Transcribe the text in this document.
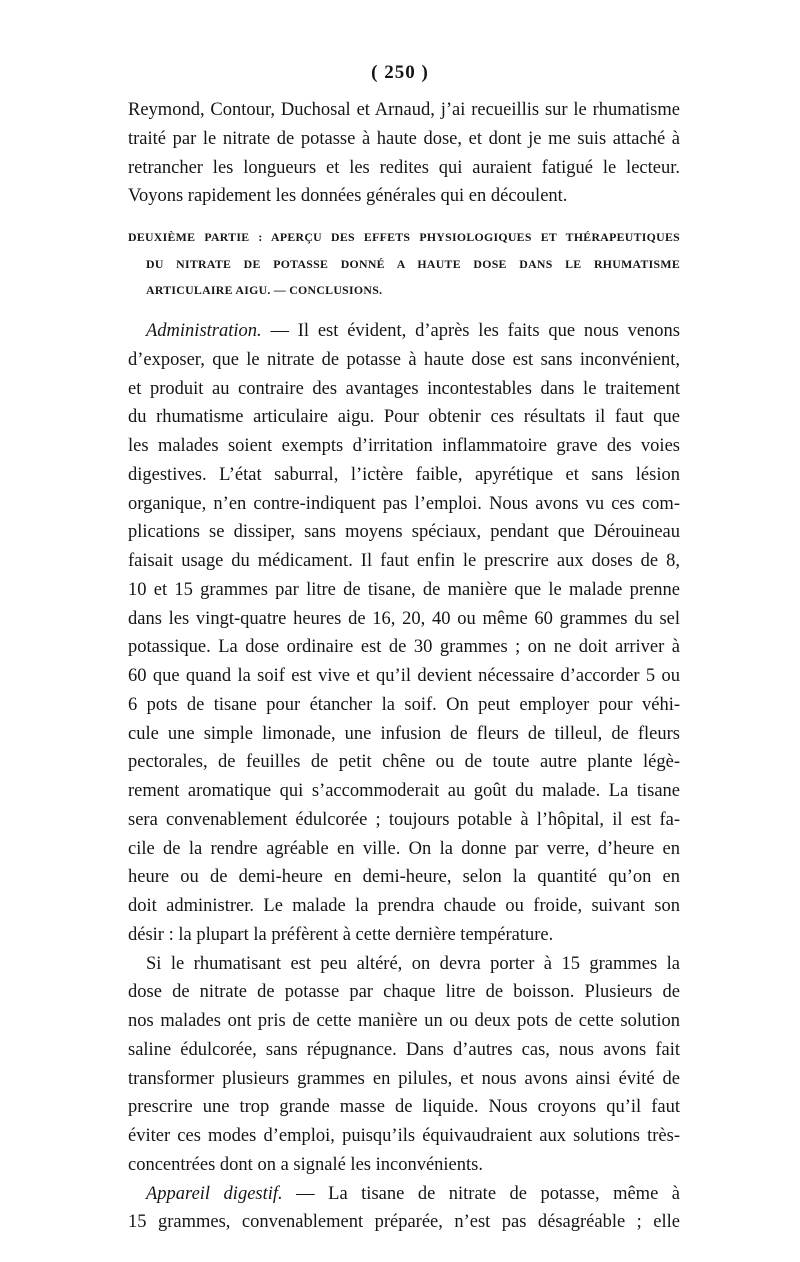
( 250 )
Reymond, Contour, Duchosal et Arnaud, j’ai recueillis sur le rhumatisme
traité par le nitrate de potasse à haute dose, et dont je me suis attaché à
retrancher les longueurs et les redites qui auraient fatigué le lecteur.
Voyons rapidement les données générales qui en découlent.
DEUXIÈME PARTIE : APERÇU DES EFFETS PHYSIOLOGIQUES ET THÉRAPEUTIQUES
DU NITRATE DE POTASSE DONNÉ A HAUTE DOSE DANS LE RHUMATISME
ARTICULAIRE AIGU. — CONCLUSIONS.
Administration. — Il est évident, d’après les faits que nous venons
d’exposer, que le nitrate de potasse à haute dose est sans inconvénient,
et produit au contraire des avantages incontestables dans le traitement
du rhumatisme articulaire aigu. Pour obtenir ces résultats il faut que
les malades soient exempts d’irritation inflammatoire grave des voies
digestives. L’état saburral, l’ictère faible, apyrétique et sans lésion
organique, n’en contre-indiquent pas l’emploi. Nous avons vu ces com-
plications se dissiper, sans moyens spéciaux, pendant que Dérouineau
faisait usage du médicament. Il faut enfin le prescrire aux doses de 8,
10 et 15 grammes par litre de tisane, de manière que le malade prenne
dans les vingt-quatre heures de 16, 20, 40 ou même 60 grammes du sel
potassique. La dose ordinaire est de 30 grammes ; on ne doit arriver à
60 que quand la soif est vive et qu’il devient nécessaire d’accorder 5 ou
6 pots de tisane pour étancher la soif. On peut employer pour véhi-
cule une simple limonade, une infusion de fleurs de tilleul, de fleurs
pectorales, de feuilles de petit chêne ou de toute autre plante légè-
rement aromatique qui s’accommoderait au goût du malade. La tisane
sera convenablement édulcorée ; toujours potable à l’hôpital, il est fa-
cile de la rendre agréable en ville. On la donne par verre, d’heure en
heure ou de demi-heure en demi-heure, selon la quantité qu’on en
doit administrer. Le malade la prendra chaude ou froide, suivant son
désir : la plupart la préfèrent à cette dernière température.
Si le rhumatisant est peu altéré, on devra porter à 15 grammes la
dose de nitrate de potasse par chaque litre de boisson. Plusieurs de
nos malades ont pris de cette manière un ou deux pots de cette solution
saline édulcorée, sans répugnance. Dans d’autres cas, nous avons fait
transformer plusieurs grammes en pilules, et nous avons ainsi évité de
prescrire une trop grande masse de liquide. Nous croyons qu’il faut
éviter ces modes d’emploi, puisqu’ils équivaudraient aux solutions très-
concentrées dont on a signalé les inconvénients.
Appareil digestif. — La tisane de nitrate de potasse, même à
15 grammes, convenablement préparée, n’est pas désagréable ; elle
